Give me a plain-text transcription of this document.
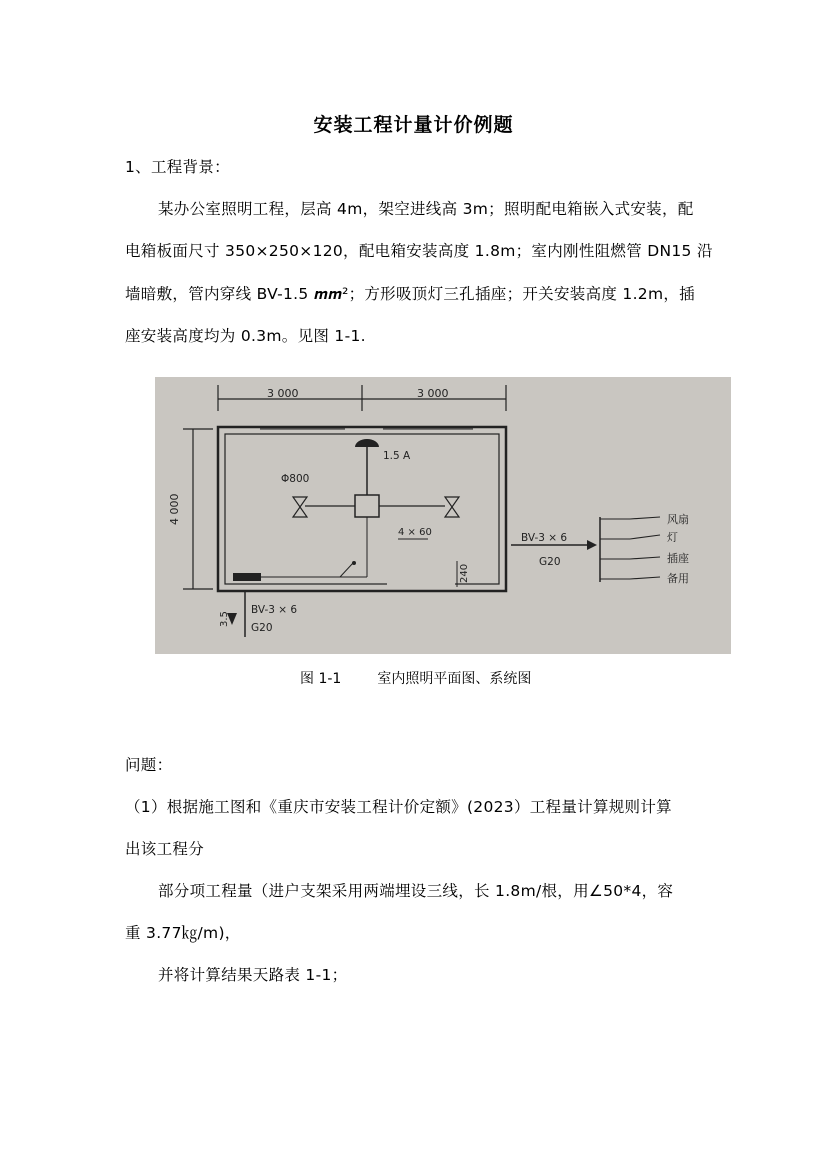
安装工程计量计价例题
1、工程背景：
某办公室照明工程，层高 4m，架空进线高 3m；照明配电箱嵌入式安装，配
电箱板面尺寸 350×250×120，配电箱安装高度 1.8m；室内刚性阻燃管 DN15 沿
墙暗敷，管内穿线 BV-1.5 𝒎𝒎²；方形吸顶灯三孔插座；开关安装高度 1.2m，插
座安装高度均为 0.3m。见图 1-1.
3 000	3 000
4 000
1.5 A
Φ800
4 × 60
240
BV-3 × 6
G20
3.5
BV-3 × 6
G20
风扇
灯
插座
备用
图 1-1	室内照明平面图、系统图
问题：
（1）根据施工图和《重庆市安装工程计价定额》(2023）工程量计算规则计算
出该工程分
部分项工程量（进户支架采用两端埋设三线，长 1.8m/根，用∠50*4，容
重 3.77㎏/m)，
并将计算结果天路表 1-1；
